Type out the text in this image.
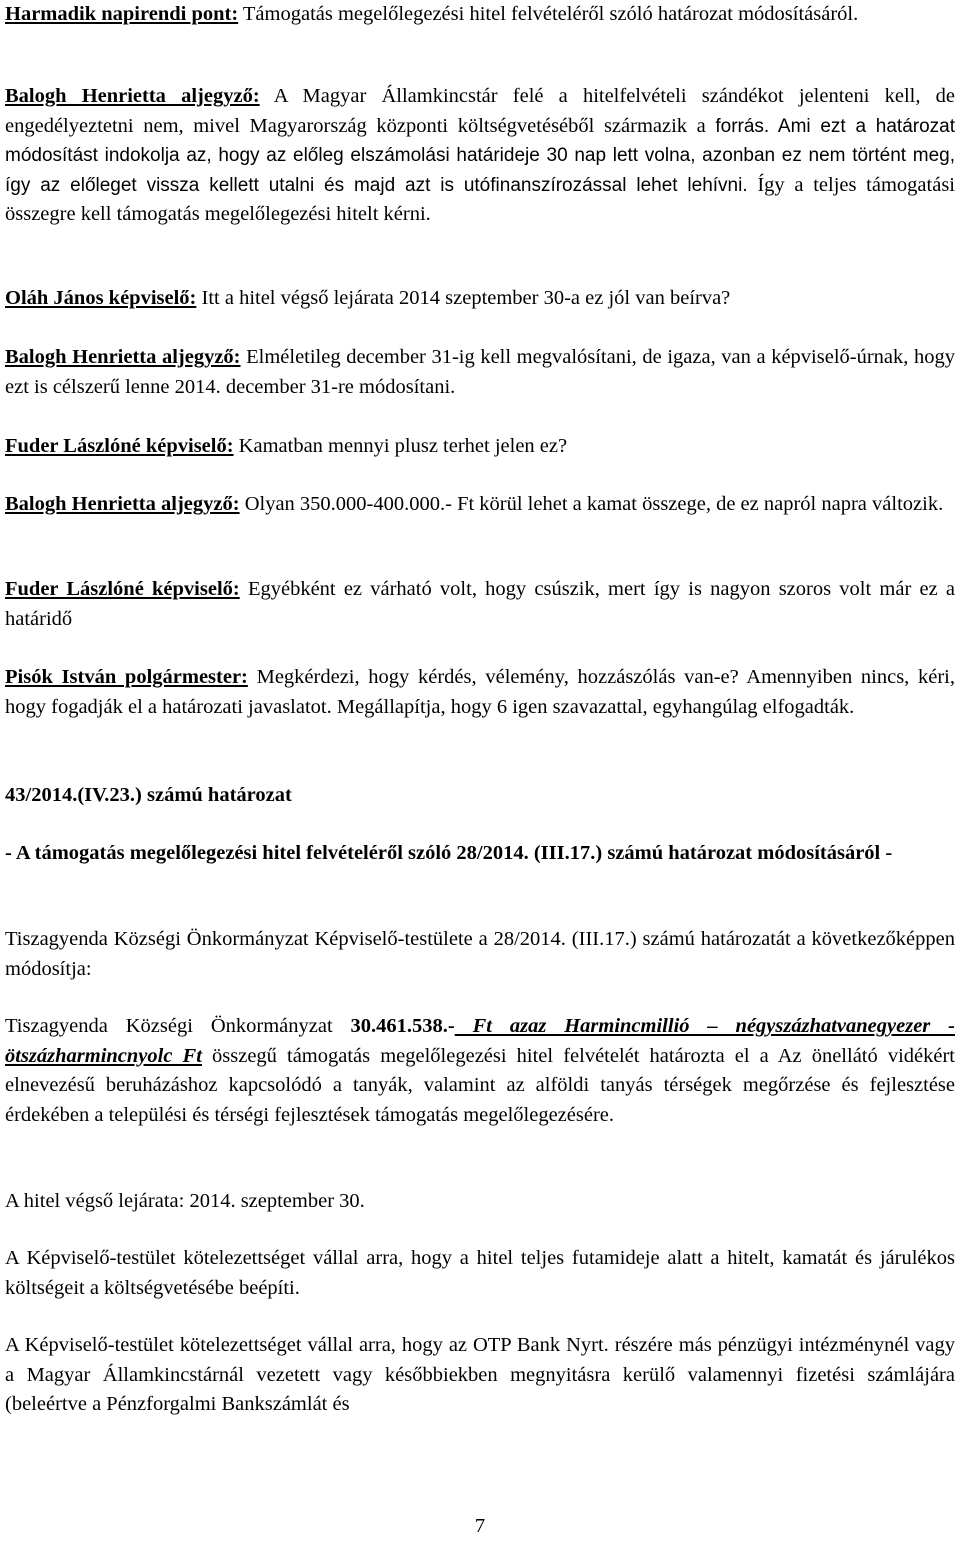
Harmadik napirendi pont: Támogatás megelőlegezési hitel felvételéről szóló határozat módosításáról.

Balogh Henrietta aljegyző: A Magyar Államkincstár felé a hitelfelvételi szándékot jelenteni kell, de engedélyeztetni nem, mivel Magyarország központi költségvetéséből származik a forrás. Ami ezt a határozat módosítást indokolja az, hogy az előleg elszámolási határideje 30 nap lett volna, azonban ez nem történt meg, így az előleget vissza kellett utalni és majd azt is utófinanszírozással lehet lehívni. Így a teljes támogatási összegre kell támogatás megelőlegezési hitelt kérni.

Oláh János képviselő: Itt a hitel végső lejárata 2014 szeptember 30-a ez jól van beírva?

Balogh Henrietta aljegyző: Elméletileg december 31-ig kell megvalósítani, de igaza, van a képviselő-úrnak, hogy ezt is célszerű lenne 2014. december 31-re módosítani.

Fuder Lászlóné képviselő: Kamatban mennyi plusz terhet jelen ez?

Balogh Henrietta aljegyző: Olyan 350.000-400.000.- Ft körül lehet a kamat összege, de ez napról napra változik.

Fuder Lászlóné képviselő: Egyébként ez várható volt, hogy csúszik, mert így is nagyon szoros volt már ez a határidő

Pisók István polgármester: Megkérdezi, hogy kérdés, vélemény, hozzászólás van-e? Amennyiben nincs, kéri, hogy fogadják el a határozati javaslatot. Megállapítja, hogy 6 igen szavazattal, egyhangúlag elfogadták.

43/2014.(IV.23.) számú határozat

- A támogatás megelőlegezési hitel felvételéről szóló 28/2014. (III.17.) számú határozat módosításáról -

Tiszagyenda Községi Önkormányzat Képviselő-testülete a 28/2014. (III.17.) számú határozatát a következőképpen módosítja:

Tiszagyenda Községi Önkormányzat 30.461.538.- Ft azaz Harmincmillió – négyszázhatvanegyezer - ötszázharmincnyolc Ft összegű támogatás megelőlegezési hitel felvételét határozta el a Az önellátó vidékért elnevezésű beruházáshoz kapcsolódó a tanyák, valamint az alföldi tanyás térségek megőrzése és fejlesztése érdekében a települési és térségi fejlesztések támogatás megelőlegezésére.

A hitel végső lejárata: 2014. szeptember 30.

A Képviselő-testület kötelezettséget vállal arra, hogy a hitel teljes futamideje alatt a hitelt, kamatát és járulékos költségeit a költségvetésébe beépíti.

A Képviselő-testület kötelezettséget vállal arra, hogy az OTP Bank Nyrt. részére más pénzügyi intézménynél vagy a Magyar Államkincstárnál vezetett vagy későbbiekben megnyitásra kerülő valamennyi fizetési számlájára (beleértve a Pénzforgalmi Bankszámlát és

7
